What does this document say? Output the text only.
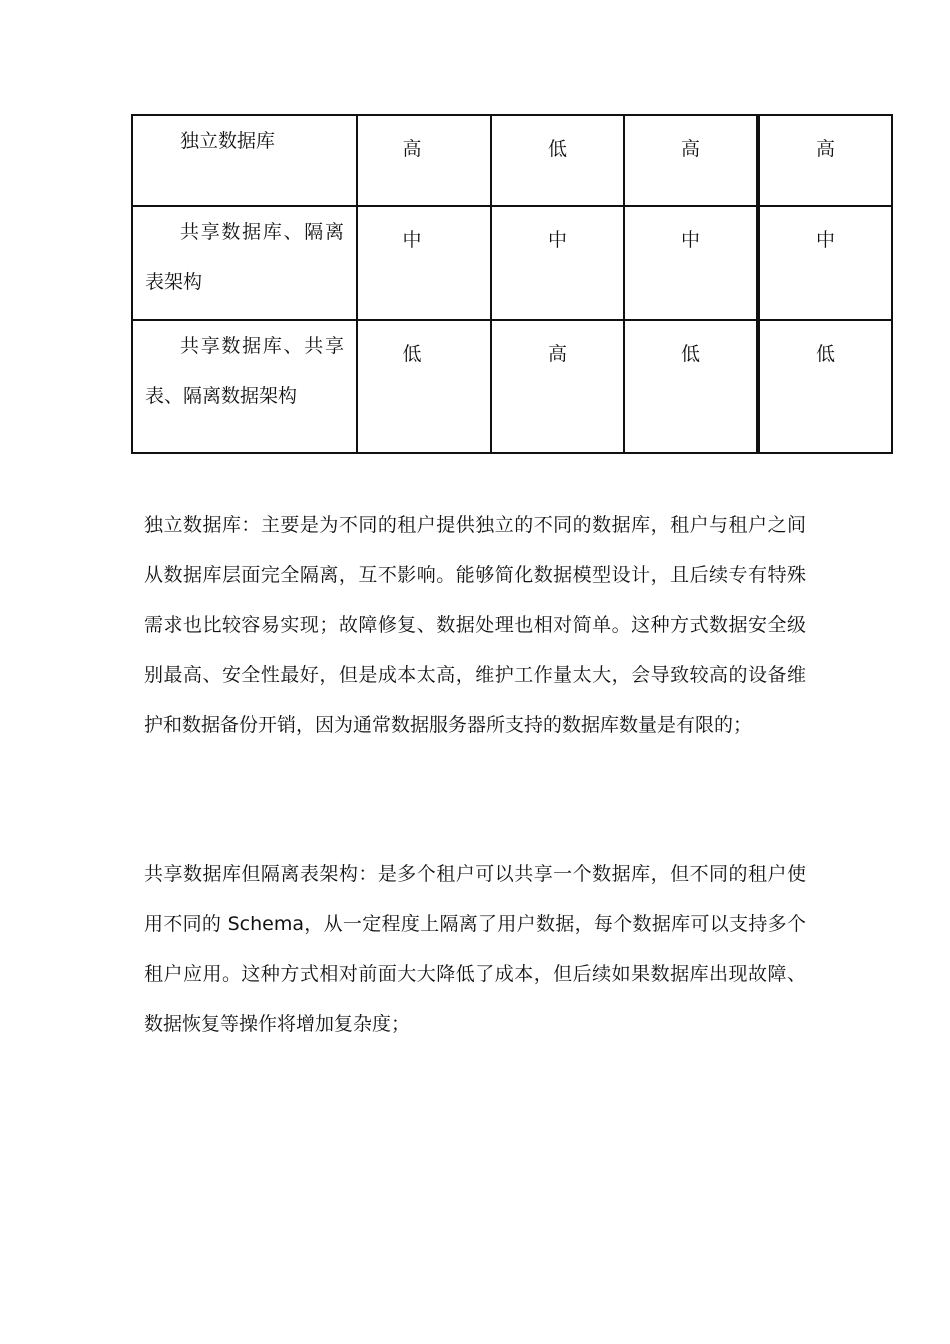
独立数据库	高	低	高	高

共享数据库、隔离表架构	中	中	中	中

共享数据库、共享 表、隔离数据架构	低	高	低	低

独立数据库：主要是为不同的租户提供独立的不同的数据库，租户与租户之间从数据库层面完全隔离，互不影响。能够简化数据模型设计，且后续专有特殊需求也比较容易实现；故障修复、数据处理也相对简单。这种方式数据安全级别最高、安全性最好，但是成本太高，维护工作量太大，会导致较高的设备维护和数据备份开销，因为通常数据服务器所支持的数据库数量是有限的；

共享数据库但隔离表架构：是多个租户可以共享一个数据库，但不同的租户使用不同的 Schema，从一定程度上隔离了用户数据，每个数据库可以支持多个租户应用。这种方式相对前面大大降低了成本，但后续如果数据库出现故障、数据恢复等操作将增加复杂度；
